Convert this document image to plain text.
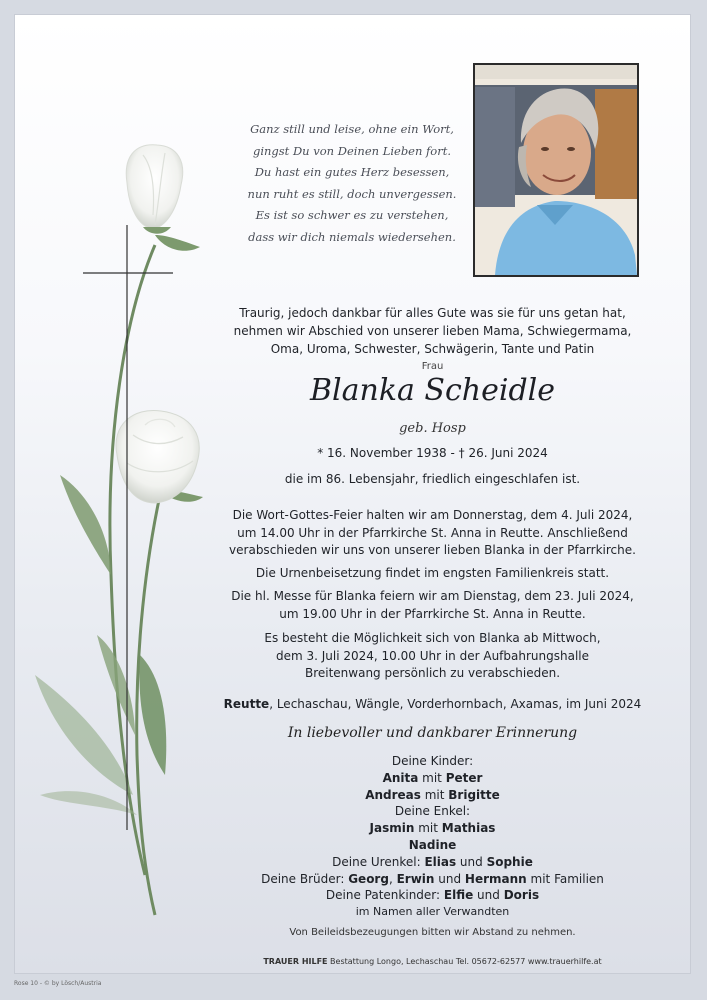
Ganz still und leise, ohne ein Wort,
gingst Du von Deinen Lieben fort.
Du hast ein gutes Herz besessen,
nun ruht es still, doch unvergessen.
Es ist so schwer es zu verstehen,
dass wir dich niemals wiedersehen.
Traurig, jedoch dankbar für alles Gute was sie für uns getan hat,
nehmen wir Abschied von unserer lieben Mama, Schwiegermama,
Oma, Uroma, Schwester, Schwägerin, Tante und Patin
Frau
Blanka Scheidle
geb. Hosp
* 16. November 1938 - † 26. Juni 2024
die im 86. Lebensjahr, friedlich eingeschlafen ist.
Die Wort-Gottes-Feier halten wir am Donnerstag, dem 4. Juli 2024,
um 14.00 Uhr in der Pfarrkirche St. Anna in Reutte. Anschließend
verabschieden wir uns von unserer lieben Blanka in der Pfarrkirche.
Die Urnenbeisetzung findet im engsten Familienkreis statt.
Die hl. Messe für Blanka feiern wir am Dienstag, dem 23. Juli 2024,
um 19.00 Uhr in der Pfarrkirche St. Anna in Reutte.
Es besteht die Möglichkeit sich von Blanka ab Mittwoch,
dem 3. Juli 2024, 10.00 Uhr in der Aufbahrungshalle
Breitenwang persönlich zu verabschieden.
Reutte, Lechaschau, Wängle, Vorderhornbach, Axamas, im Juni 2024
In liebevoller und dankbarer Erinnerung
Deine Kinder:
Anita mit Peter
Andreas mit Brigitte
Deine Enkel:
Jasmin mit Mathias
Nadine
Deine Urenkel: Elias und Sophie
Deine Brüder: Georg, Erwin und Hermann mit Familien
Deine Patenkinder: Elfie und Doris
im Namen aller Verwandten
Von Beileidsbezeugungen bitten wir Abstand zu nehmen.
TRAUER HILFE Bestattung Longo, Lechaschau Tel. 05672-62577 www.trauerhilfe.at
Rose 10 - © by Lösch/Austria
